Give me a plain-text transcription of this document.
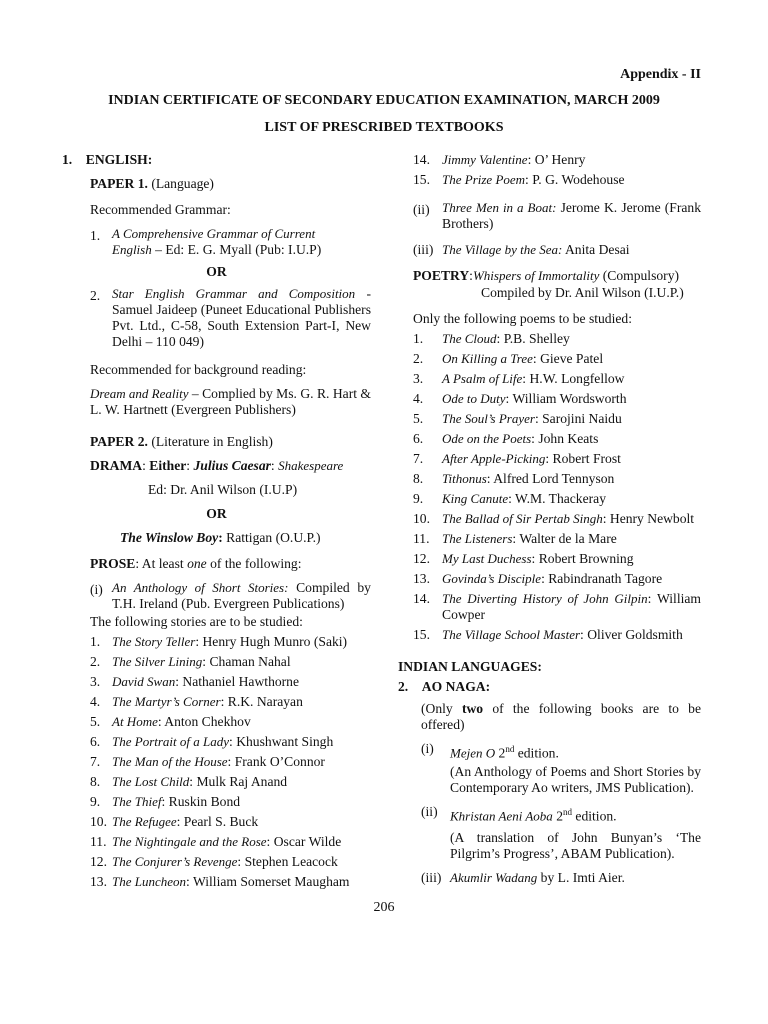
Appendix - II
INDIAN CERTIFICATE OF SECONDARY EDUCATION EXAMINATION, MARCH 2009
LIST OF PRESCRIBED TEXTBOOKS
1. ENGLISH:
PAPER 1. (Language)
Recommended Grammar:
1. A Comprehensive Grammar of Current
English – Ed: E. G. Myall (Pub: I.U.P)
OR
2. Star English Grammar and Composition - Samuel Jaideep (Puneet Educational Publishers Pvt. Ltd., C-58, South Extension Part-I, New Delhi – 110 049)
Recommended for background reading:
Dream and Reality – Complied by Ms. G. R. Hart & L. W. Hartnett (Evergreen Publishers)
PAPER 2. (Literature in English)
DRAMA: Either: Julius Caesar: Shakespeare
Ed: Dr. Anil Wilson (I.U.P)
OR
The Winslow Boy: Rattigan (O.U.P.)
PROSE: At least one of the following:
(i) An Anthology of Short Stories: Compiled by T.H. Ireland (Pub. Evergreen Publications)
The following stories are to be studied:
1. The Story Teller: Henry Hugh Munro (Saki)
2. The Silver Lining: Chaman Nahal
3. David Swan: Nathaniel Hawthorne
4. The Martyr’s Corner: R.K. Narayan
5. At Home: Anton Chekhov
6. The Portrait of a Lady: Khushwant Singh
7. The Man of the House: Frank O’Connor
8. The Lost Child: Mulk Raj Anand
9. The Thief: Ruskin Bond
10. The Refugee: Pearl S. Buck
11. The Nightingale and the Rose: Oscar Wilde
12. The Conjurer’s Revenge: Stephen Leacock
13. The Luncheon: William Somerset Maugham
14. Jimmy Valentine: O’ Henry
15. The Prize Poem: P. G. Wodehouse
(ii) Three Men in a Boat: Jerome K. Jerome (Frank Brothers)
(iii) The Village by the Sea: Anita Desai
POETRY:Whispers of Immortality (Compulsory)
Compiled by Dr. Anil Wilson (I.U.P.)
Only the following poems to be studied:
1.	The Cloud: P.B. Shelley
2.	On Killing a Tree: Gieve Patel
3.	A Psalm of Life: H.W. Longfellow
4.	Ode to Duty: William Wordsworth
5.	The Soul’s Prayer: Sarojini Naidu
6.	Ode on the Poets: John Keats
7.	After Apple-Picking: Robert Frost
8.	Tithonus: Alfred Lord Tennyson
9.	King Canute: W.M. Thackeray
10. The Ballad of Sir Pertab Singh: Henry Newbolt
11. The Listeners: Walter de la Mare
12. My Last Duchess: Robert Browning
13. Govinda’s Disciple: Rabindranath Tagore
14. The Diverting History of John Gilpin: William Cowper
15. The Village School Master: Oliver Goldsmith
INDIAN LANGUAGES:
2. AO NAGA:
(Only two of the following books are to be offered)
(i)	Mejen O 2nd edition.
(An Anthology of Poems and Short Stories by Contemporary Ao writers, JMS Publication).
(ii) Khristan Aeni Aoba 2nd edition.
(A translation of John Bunyan’s ‘The Pilgrim’s Progress’, ABAM Publication).
(iii) Akumlir Wadang by L. Imti Aier.
206
